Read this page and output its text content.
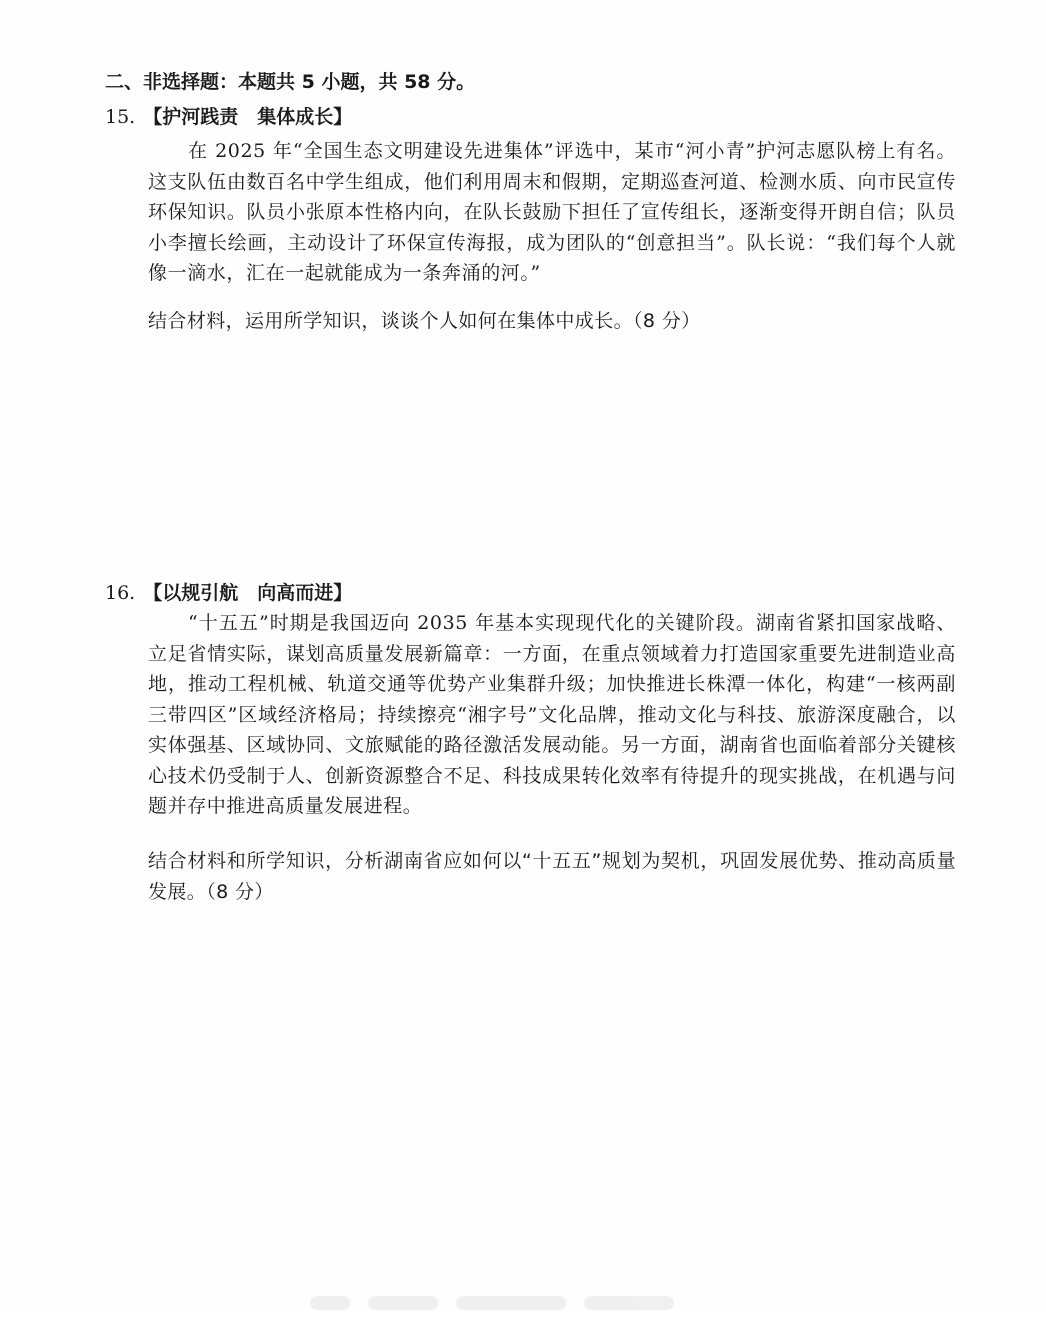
二、非选择题：本题共 5 小题，共 58 分。
15. 【护河践责　集体成长】
在 2025 年“全国生态文明建设先进集体”评选中，某市“河小青”护河志愿队榜上有名。这支队伍由数百名中学生组成，他们利用周末和假期，定期巡查河道、检测水质、向市民宣传环保知识。队员小张原本性格内向，在队长鼓励下担任了宣传组长，逐渐变得开朗自信；队员小李擅长绘画，主动设计了环保宣传海报，成为团队的“创意担当”。队长说：“我们每个人就像一滴水，汇在一起就能成为一条奔涌的河。”
结合材料，运用所学知识，谈谈个人如何在集体中成长。（8 分）
16. 【以规引航　向高而进】
“十五五”时期是我国迈向 2035 年基本实现现代化的关键阶段。湖南省紧扣国家战略、立足省情实际，谋划高质量发展新篇章：一方面，在重点领域着力打造国家重要先进制造业高地，推动工程机械、轨道交通等优势产业集群升级；加快推进长株潭一体化，构建“一核两副三带四区”区域经济格局；持续擦亮“湘字号”文化品牌，推动文化与科技、旅游深度融合，以实体强基、区域协同、文旅赋能的路径激活发展动能。另一方面，湖南省也面临着部分关键核心技术仍受制于人、创新资源整合不足、科技成果转化效率有待提升的现实挑战，在机遇与问题并存中推进高质量发展进程。
结合材料和所学知识，分析湖南省应如何以“十五五”规划为契机，巩固发展优势、推动高质量发展。（8 分）
